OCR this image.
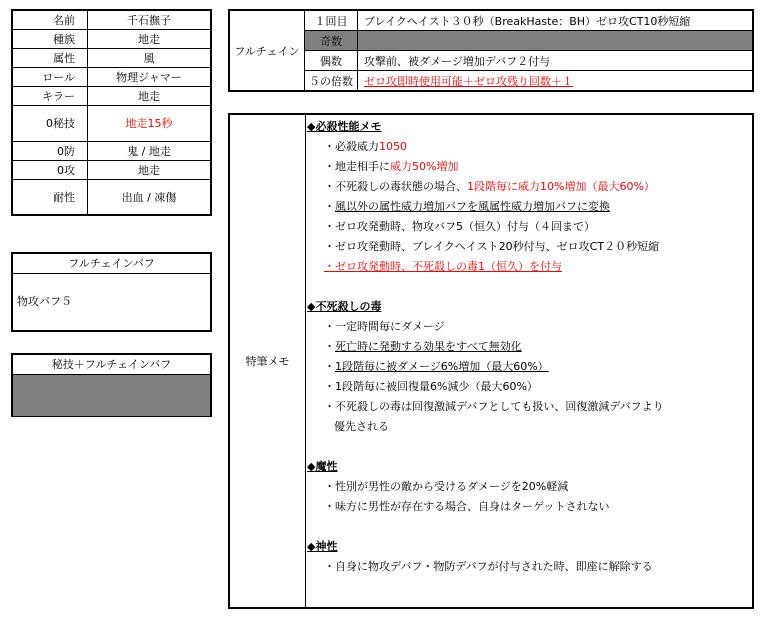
名前	千石撫子
種族	地走
属性	風
ロール	物理ジャマー
キラー	地走
0秘技	地走15秒
0防	鬼 / 地走
0攻	地走
耐性	出血 / 凍傷
フルチェインバフ
物攻バフ５
秘技＋フルチェインバフ
フルチェイン	１回目	ブレイクヘイスト３０秒（BreakHaste：BH）ゼロ攻CT10秒短縮
	奇数	
	偶数	攻撃前、被ダメージ増加デバフ２付与
	５の倍数	ゼロ攻即時使用可能＋ゼロ攻残り回数＋１
特筆メモ
◆必殺性能メモ
・必殺威力1050
・地走相手に威力50%増加
・不死殺しの毒状態の場合、1段階毎に威力10%増加（最大60%）
・風以外の属性威力増加バフを風属性威力増加バフに変換
・ゼロ攻発動時、物攻バフ5（恒久）付与（４回まで）
・ゼロ攻発動時、ブレイクヘイスト20秒付与、ゼロ攻CT２０秒短縮
・ゼロ攻発動時、不死殺しの毒1（恒久）を付与
◆不死殺しの毒
・一定時間毎にダメージ
・死亡時に発動する効果をすべて無効化
・1段階毎に被ダメージ6%増加（最大60%）
・1段階毎に被回復量6%減少（最大60%）
・不死殺しの毒は回復激減デバフとしても扱い、回復激減デバフより
優先される
◆魔性
・性別が男性の敵から受けるダメージを20%軽減
・味方に男性が存在する場合、自身はターゲットされない
◆神性
・自身に物攻デバフ・物防デバフが付与された時、即座に解除する
